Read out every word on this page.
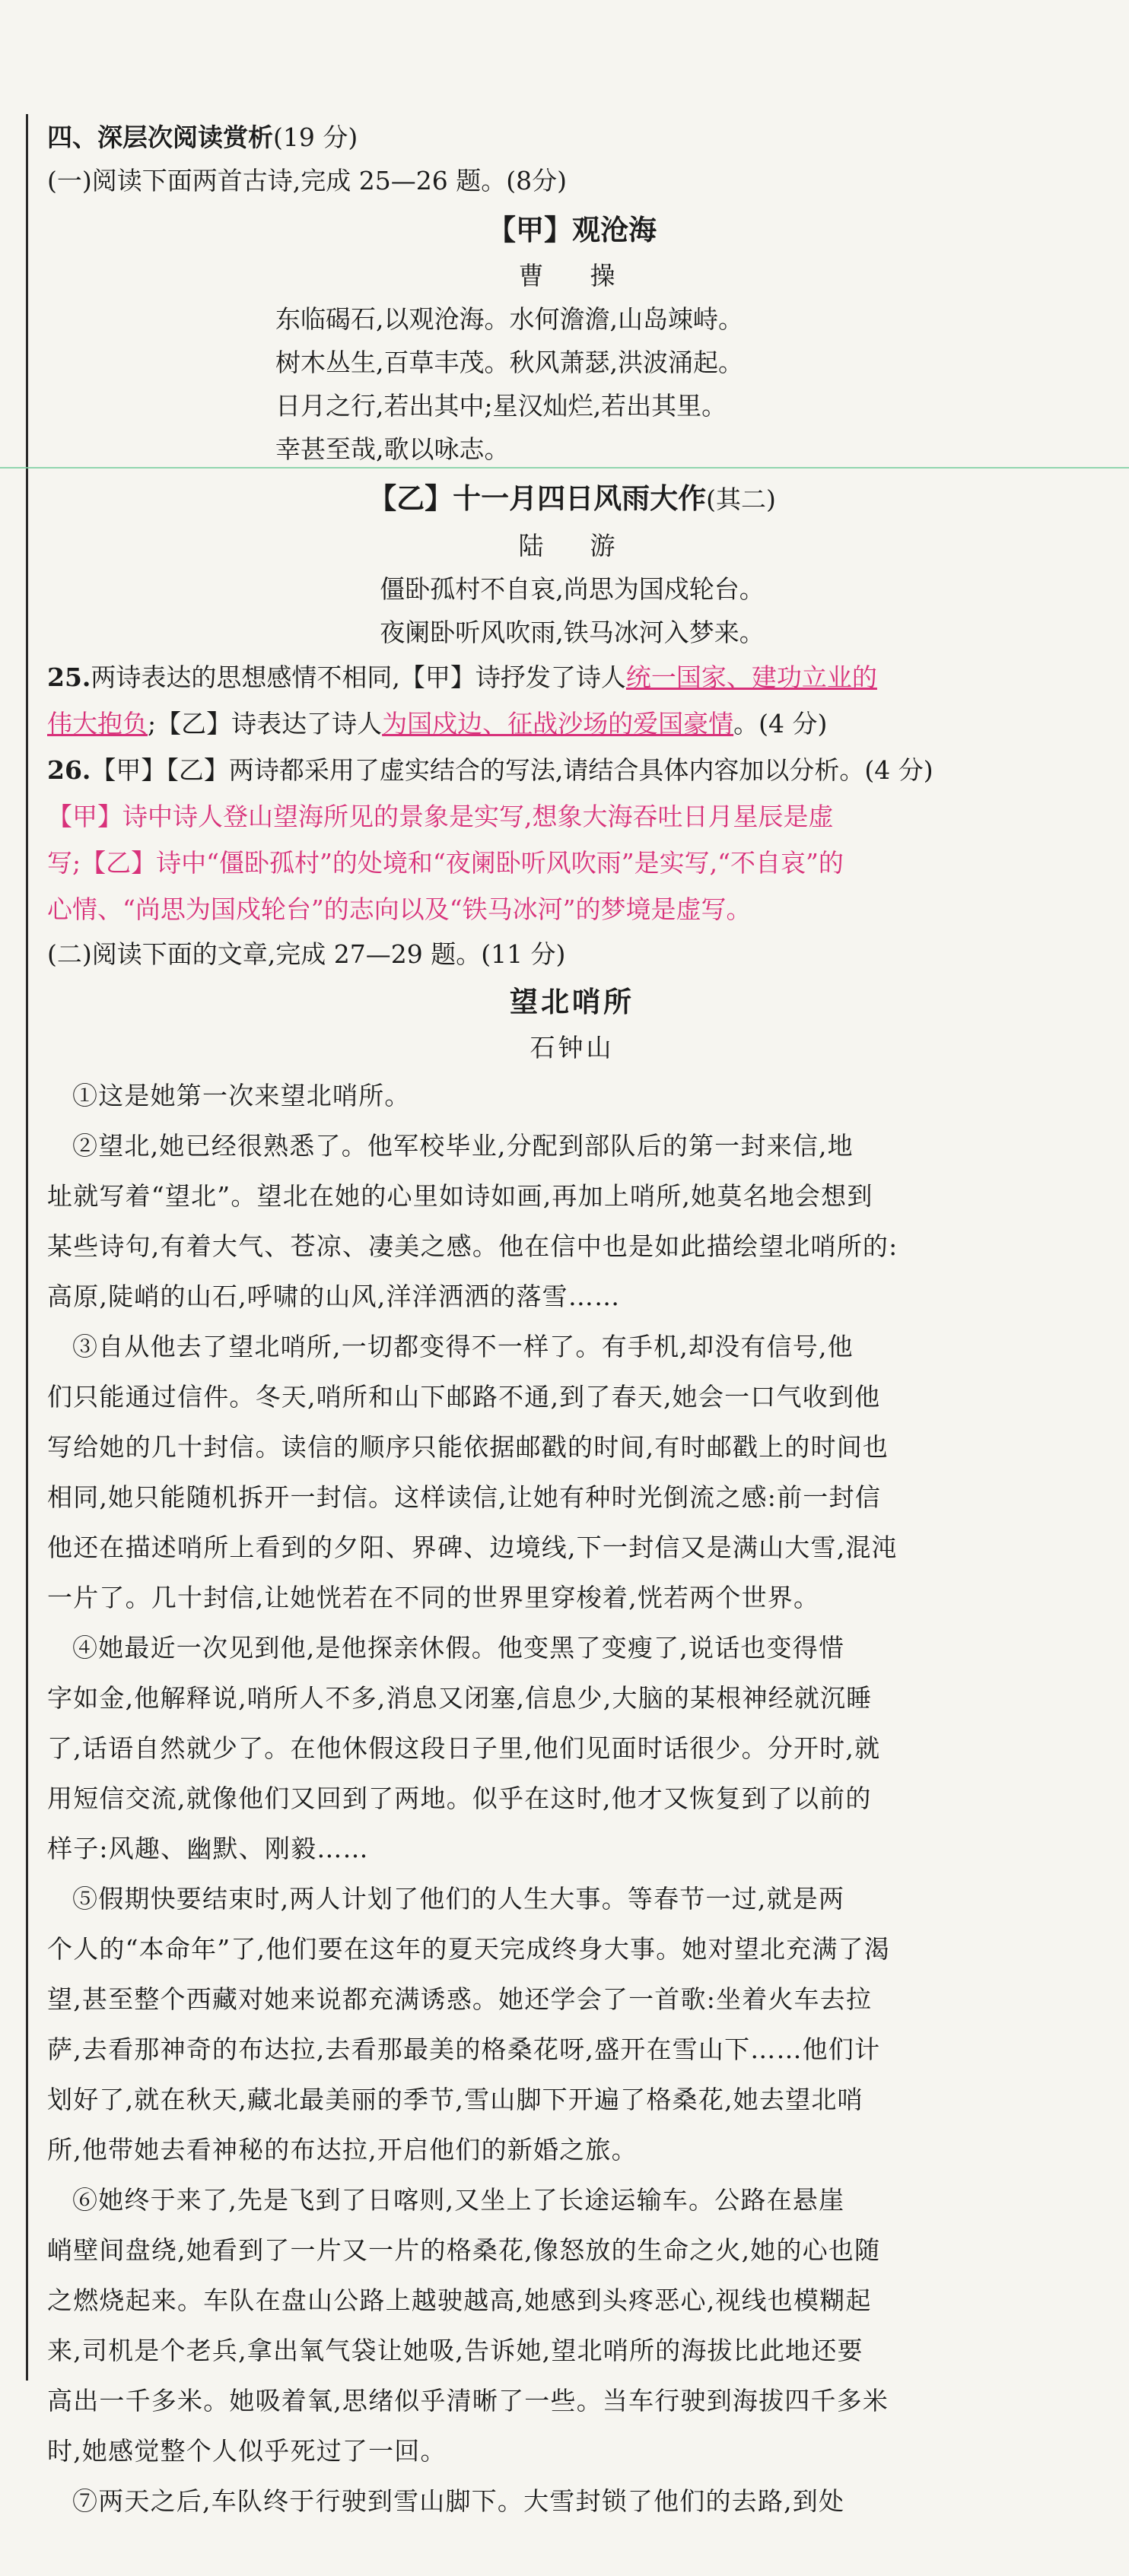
四、深层次阅读赏析(19 分)
(一)阅读下面两首古诗,完成 25—26 题。(8分)
【甲】观沧海
曹　操
东临碣石,以观沧海。水何澹澹,山岛竦峙。
树木丛生,百草丰茂。秋风萧瑟,洪波涌起。
日月之行,若出其中;星汉灿烂,若出其里。
幸甚至哉,歌以咏志。
【乙】十一月四日风雨大作(其二)
陆　游
僵卧孤村不自哀,尚思为国戍轮台。
夜阑卧听风吹雨,铁马冰河入梦来。
25.两诗表达的思想感情不相同,【甲】诗抒发了诗人统一国家、建功立业的
伟大抱负;【乙】诗表达了诗人为国戍边、征战沙场的爱国豪情。(4 分)
26.【甲】【乙】两诗都采用了虚实结合的写法,请结合具体内容加以分析。(4 分)
【甲】诗中诗人登山望海所见的景象是实写,想象大海吞吐日月星辰是虚
写;【乙】诗中“僵卧孤村”的处境和“夜阑卧听风吹雨”是实写,“不自哀”的
心情、“尚思为国戍轮台”的志向以及“铁马冰河”的梦境是虚写。
(二)阅读下面的文章,完成 27—29 题。(11 分)
望北哨所
石钟山
①这是她第一次来望北哨所。
②望北,她已经很熟悉了。他军校毕业,分配到部队后的第一封来信,地
址就写着“望北”。望北在她的心里如诗如画,再加上哨所,她莫名地会想到
某些诗句,有着大气、苍凉、凄美之感。他在信中也是如此描绘望北哨所的:
高原,陡峭的山石,呼啸的山风,洋洋洒洒的落雪……
③自从他去了望北哨所,一切都变得不一样了。有手机,却没有信号,他
们只能通过信件。冬天,哨所和山下邮路不通,到了春天,她会一口气收到他
写给她的几十封信。读信的顺序只能依据邮戳的时间,有时邮戳上的时间也
相同,她只能随机拆开一封信。这样读信,让她有种时光倒流之感:前一封信
他还在描述哨所上看到的夕阳、界碑、边境线,下一封信又是满山大雪,混沌
一片了。几十封信,让她恍若在不同的世界里穿梭着,恍若两个世界。
④她最近一次见到他,是他探亲休假。他变黑了变瘦了,说话也变得惜
字如金,他解释说,哨所人不多,消息又闭塞,信息少,大脑的某根神经就沉睡
了,话语自然就少了。在他休假这段日子里,他们见面时话很少。分开时,就
用短信交流,就像他们又回到了两地。似乎在这时,他才又恢复到了以前的
样子:风趣、幽默、刚毅……
⑤假期快要结束时,两人计划了他们的人生大事。等春节一过,就是两
个人的“本命年”了,他们要在这年的夏天完成终身大事。她对望北充满了渴
望,甚至整个西藏对她来说都充满诱惑。她还学会了一首歌:坐着火车去拉
萨,去看那神奇的布达拉,去看那最美的格桑花呀,盛开在雪山下……他们计
划好了,就在秋天,藏北最美丽的季节,雪山脚下开遍了格桑花,她去望北哨
所,他带她去看神秘的布达拉,开启他们的新婚之旅。
⑥她终于来了,先是飞到了日喀则,又坐上了长途运输车。公路在悬崖
峭壁间盘绕,她看到了一片又一片的格桑花,像怒放的生命之火,她的心也随
之燃烧起来。车队在盘山公路上越驶越高,她感到头疼恶心,视线也模糊起
来,司机是个老兵,拿出氧气袋让她吸,告诉她,望北哨所的海拔比此地还要
高出一千多米。她吸着氧,思绪似乎清晰了一些。当车行驶到海拔四千多米
时,她感觉整个人似乎死过了一回。
⑦两天之后,车队终于行驶到雪山脚下。大雪封锁了他们的去路,到处
